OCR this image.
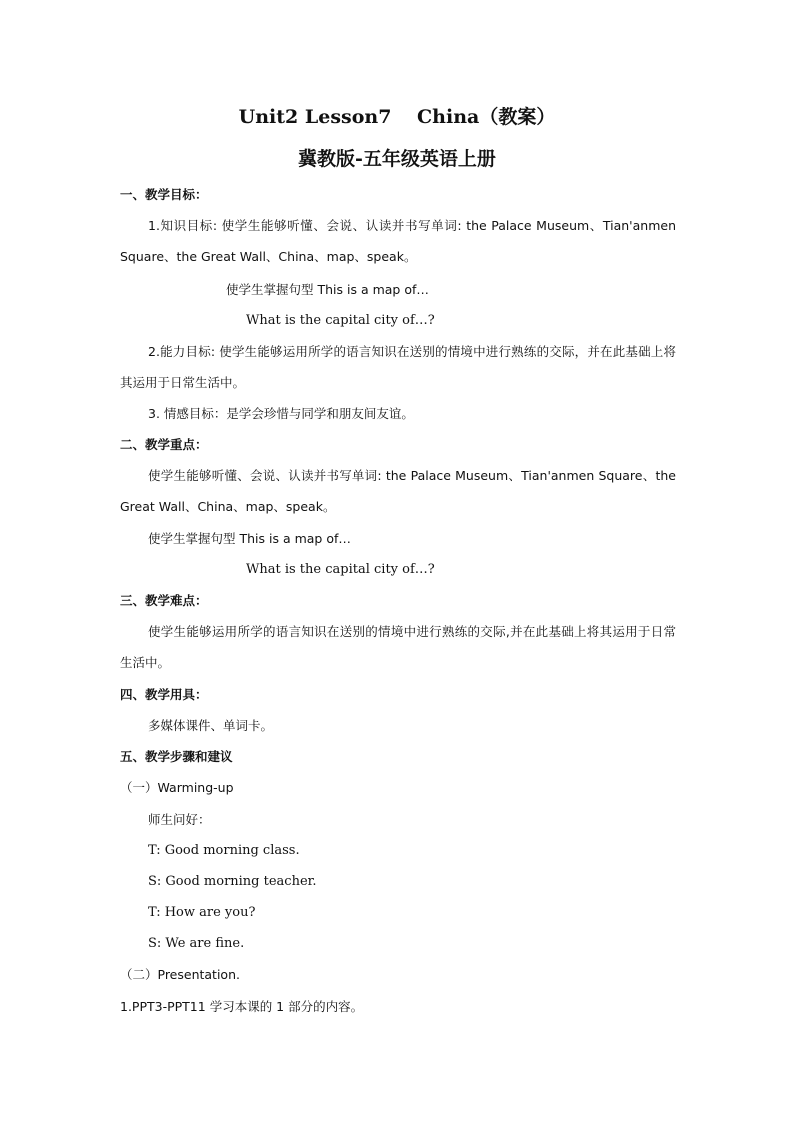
Unit2 Lesson7　 China（教案）
冀教版-五年级英语上册
一、教学目标：
1.知识目标: 使学生能够听懂、会说、认读并书写单词: the Palace Museum、Tian'anmen Square、the Great Wall、China、map、speak。
使学生掌握句型 This is a map of…
What is the capital city of…?
2.能力目标: 使学生能够运用所学的语言知识在送别的情境中进行熟练的交际，并在此基础上将其运用于日常生活中。
3. 情感目标：是学会珍惜与同学和朋友间友谊。
二、教学重点：
使学生能够听懂、会说、认读并书写单词: the Palace Museum、Tian'anmen Square、the Great Wall、China、map、speak。
使学生掌握句型 This is a map of…
What is the capital city of…?
三、教学难点：
使学生能够运用所学的语言知识在送别的情境中进行熟练的交际,并在此基础上将其运用于日常生活中。
四、教学用具：
多媒体课件、单词卡。
五、教学步骤和建议
（一）Warming-up
师生问好：
T: Good morning class.
S: Good morning teacher.
T: How are you?
S: We are fine.
（二）Presentation.
1.PPT3-PPT11 学习本课的 1 部分的内容。
